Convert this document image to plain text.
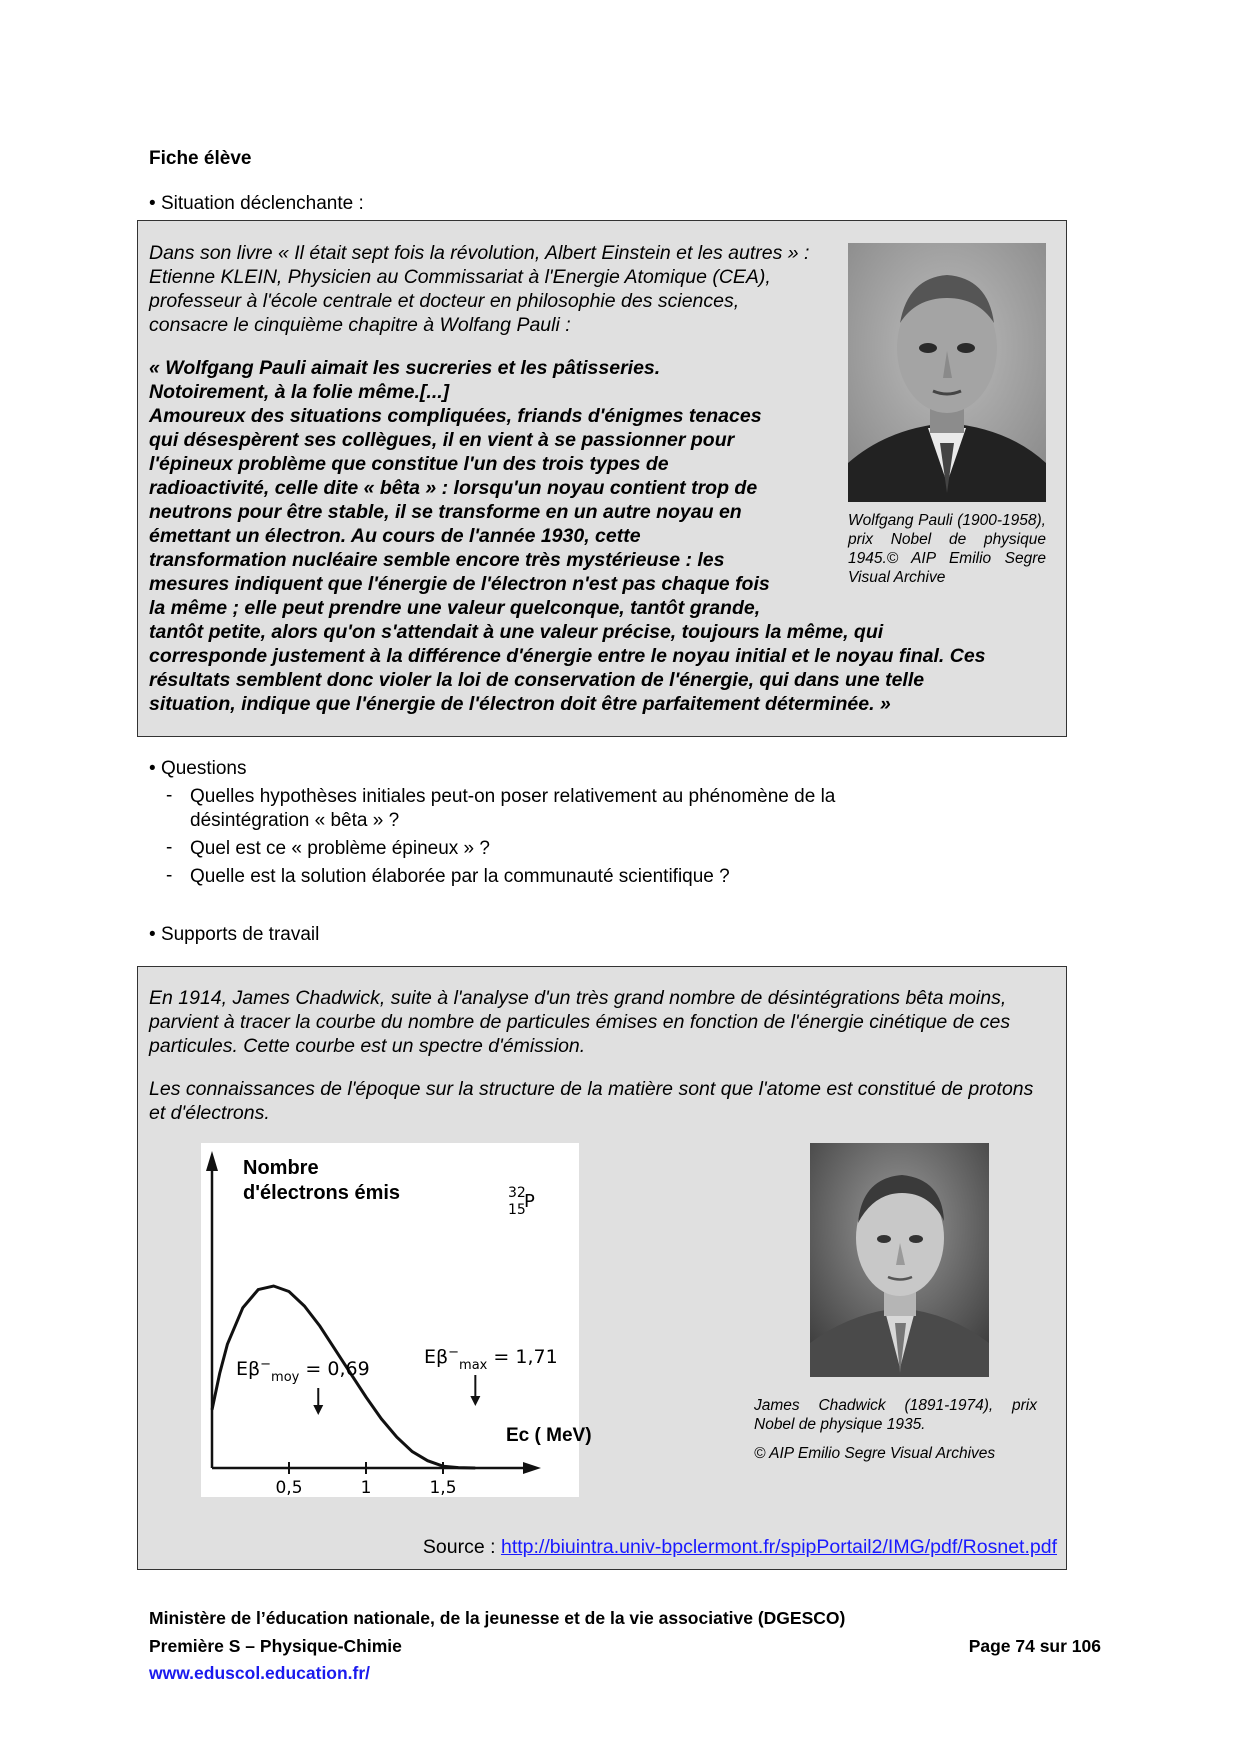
Fiche élève
• Situation déclenchante :
Dans son livre « Il était sept fois la révolution, Albert Einstein et les autres » : Etienne KLEIN, Physicien au Commissariat à l'Energie Atomique (CEA), professeur à l'école centrale et docteur en philosophie des sciences, consacre le cinquième chapitre à Wolfang Pauli :
« Wolfgang Pauli aimait les sucreries et les pâtisseries.
Notoirement, à la folie même.[...]
Amoureux des situations compliquées, friands d'énigmes tenaces
qui désespèrent ses collègues, il en vient à se passionner pour
l'épineux problème que constitue l'un des trois types de
radioactivité, celle dite « bêta » : lorsqu'un noyau contient trop de
neutrons pour être stable, il se transforme en un autre noyau en
émettant un électron. Au cours de l'année 1930, cette
transformation nucléaire semble encore très mystérieuse : les
mesures indiquent que l'énergie de l'électron n'est pas chaque fois
la même ; elle peut prendre une valeur quelconque, tantôt grande,
tantôt petite, alors qu'on s'attendait à une valeur précise, toujours la même, qui
corresponde justement à la différence d'énergie entre le noyau initial et le noyau final. Ces
résultats semblent donc violer la loi de conservation de l'énergie, qui dans une telle
situation, indique que l'énergie de l'électron doit être parfaitement déterminée. »
Wolfgang Pauli (1900-1958), prix Nobel de physique 1945.© AIP Emilio Segre Visual Archive
• Questions
- Quelles hypothèses initiales peut-on poser relativement au phénomène de la désintégration « bêta » ?
- Quel est ce « problème épineux » ?
- Quelle est la solution élaborée par la communauté scientifique ?
• Supports de travail
En 1914, James Chadwick, suite à l'analyse d'un très grand nombre de désintégrations bêta moins, parvient à tracer la courbe du nombre de particules émises en fonction de l'énergie cinétique de ces particules. Cette courbe est un spectre d'émission.
Les connaissances de l'époque sur la structure de la matière sont que l'atome est constitué de protons et d'électrons.
0,5	1	1,5
Nombre
d'électrons émis	32
15
P
Ec ( MeV)
$E\beta^-_{moy} = 0,69$
$E\beta^-_{max} = 1,71$
James Chadwick (1891-1974), prix Nobel de physique 1935.
© AIP Emilio Segre Visual Archives
Source : http://biuintra.univ-bpclermont.fr/spipPortail2/IMG/pdf/Rosnet.pdf
Ministère de l’éducation nationale, de la jeunesse et de la vie associative (DGESCO)
Première S – Physique-Chimie	Page 74 sur 106
www.eduscol.education.fr/
